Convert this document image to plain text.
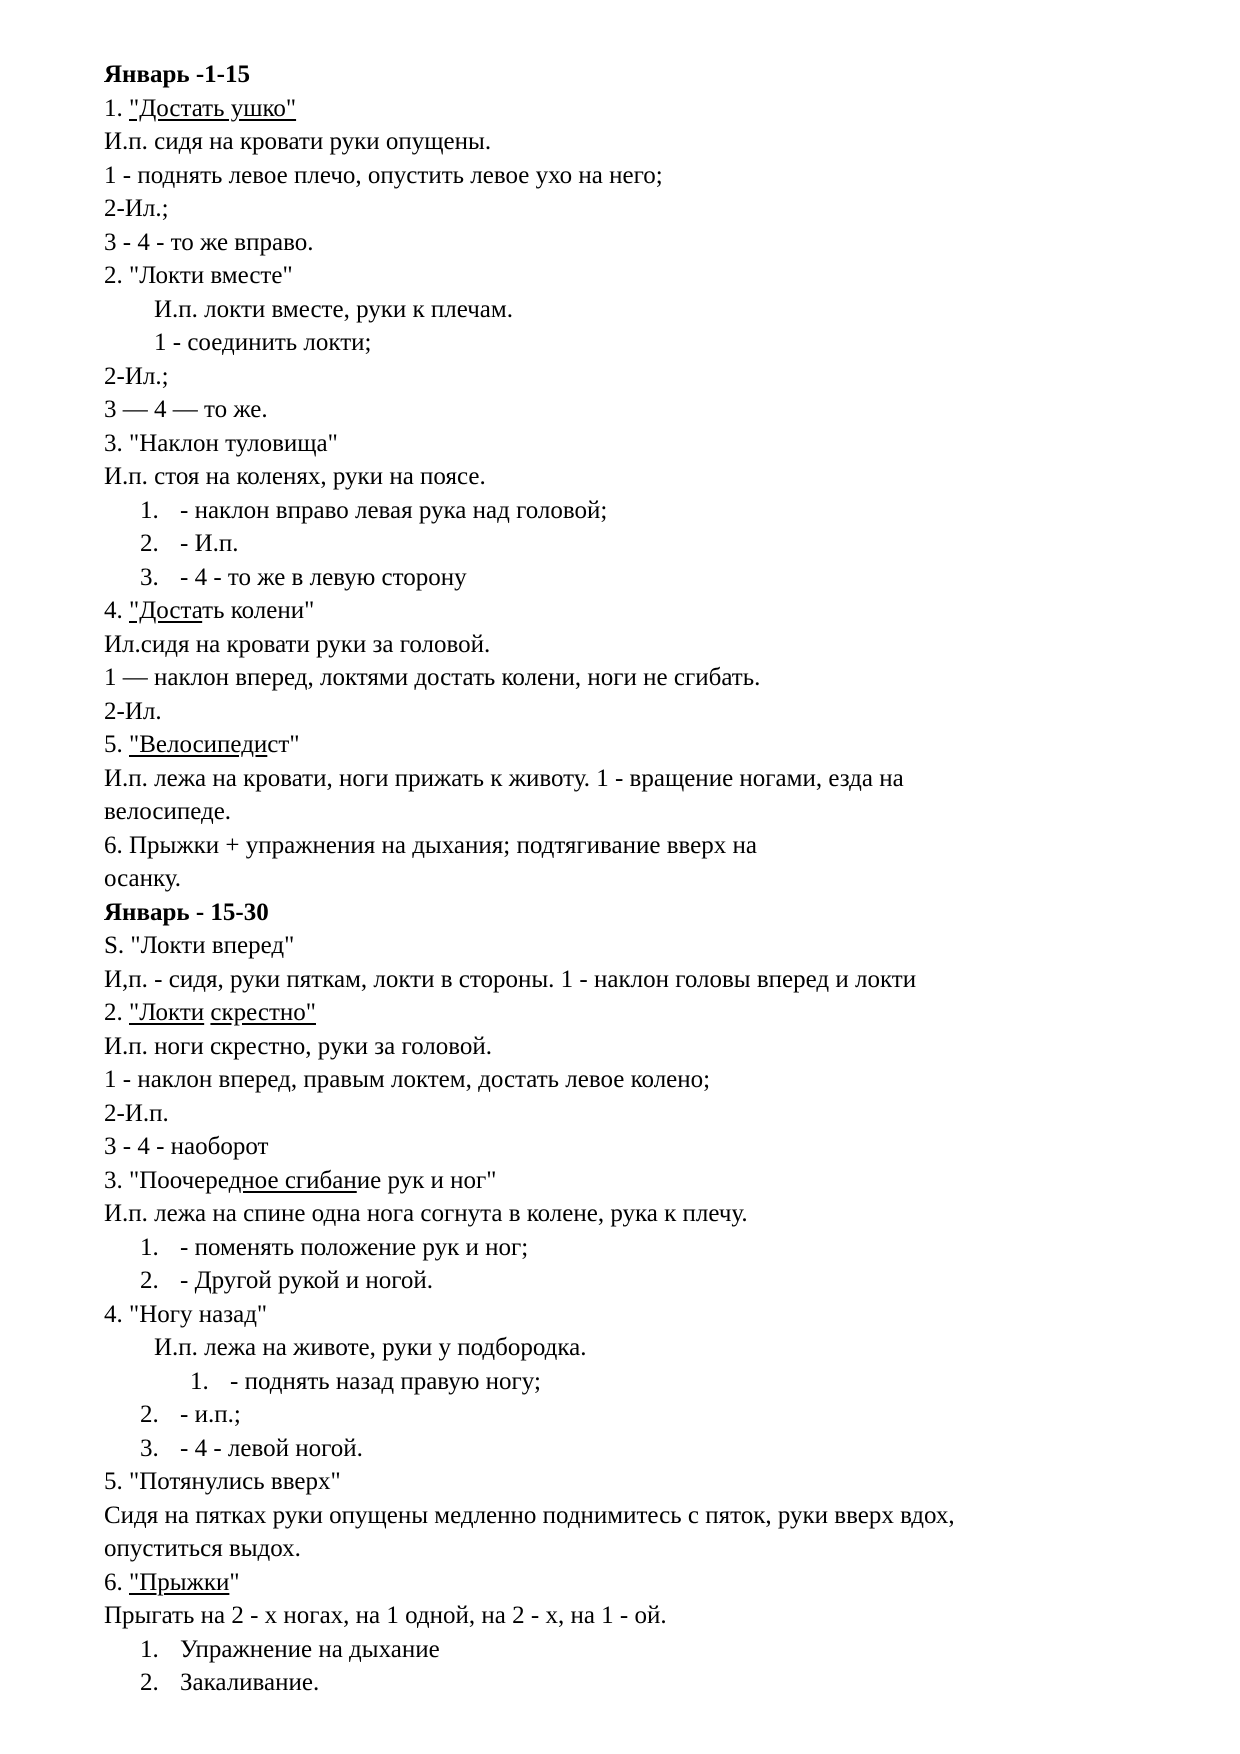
Январь -1-15
1. "Достать ушко"
И.п. сидя на кровати руки опущены.
1 - поднять левое плечо, опустить левое ухо на него;
2-Ил.;
3 - 4 - то же вправо.
2. "Локти вместе"
И.п. локти вместе, руки к плечам.
1 - соединить локти;
2-Ил.;
3 — 4 — то же.
3. "Наклон туловища"
И.п. стоя на коленях, руки на поясе.
1. - наклон вправо левая рука над головой;
2. - И.п.
3. - 4 - то же в левую сторону
4. "Достать колени"
Ил.сидя на кровати руки за головой.
1 — наклон вперед, локтями достать колени, ноги не сгибать.
2-Ил.
5. "Велосипедист"
И.п. лежа на кровати, ноги прижать к животу. 1 - вращение ногами, езда на
велосипеде.
6. Прыжки + упражнения на дыхания; подтягивание вверх на
осанку.
Январь - 15-30
S. "Локти вперед"
И,п. - сидя, руки пяткам, локти в стороны. 1 - наклон головы вперед и локти
2. "Локти скрестно"
И.п. ноги скрестно, руки за головой.
1 - наклон вперед, правым локтем, достать левое колено;
2-И.п.
3 - 4 - наоборот
3. "Поочередное сгибание рук и ног"
И.п. лежа на спине одна нога согнута в колене, рука к плечу.
1. - поменять положение рук и ног;
2. - Другой рукой и ногой.
4. "Ногу назад"
И.п. лежа на животе, руки у подбородка.
1. - поднять назад правую ногу;
2. - и.п.;
3. - 4 - левой ногой.
5. "Потянулись вверх"
Сидя на пятках руки опущены медленно поднимитесь с пяток, руки вверх вдох,
опуститься выдох.
6. "Прыжки"
Прыгать на 2 - х ногах, на 1 одной, на 2 - х, на 1 - ой.
1. Упражнение на дыхание
2. Закаливание.
